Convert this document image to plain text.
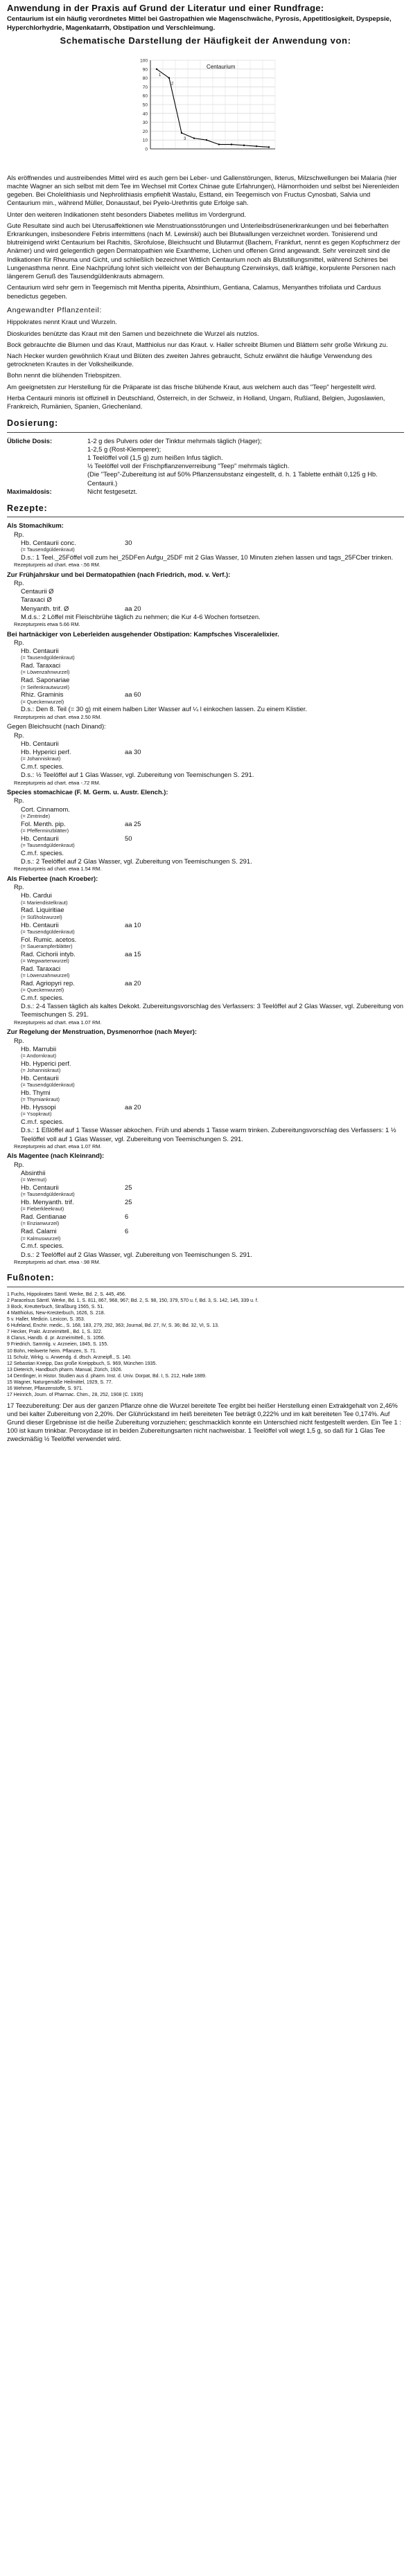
Anwendung in der Praxis auf Grund der Literatur und einer Rundfrage:
Centaurium ist ein häufig verordnetes Mittel bei Gastropathien wie Magenschwäche, Pyrosis, Appetitlosigkeit, Dyspepsie, Hyperchlorhydrie, Magenkatarrh, Obstipation und Verschleimung.
Schematische Darstellung der Häufigkeit der Anwendung von:
0
10
20
30
40
50
60
70
80
90
100
Centaurium
1
2
3

Als eröffnendes und austreibendes Mittel wird es auch gern bei Leber- und Gallenstörungen, Ikterus, Milzschwellungen bei Malaria (hier machte Wagner an sich selbst mit dem Tee im Wechsel mit Cortex Chinae gute Erfahrungen), Hämorrhoiden und selbst bei Nierenleiden gegeben. Bei Cholelithiasis und Nephrolithiasis empfiehlt Wastalu, Esttand, ein Teegemisch von Fructus Cynosbati, Salvia und Centaurium min., während Müller, Donaustauf, bei Pyelo-Urethritis gute Erfolge sah.

Unter den weiteren Indikationen steht besonders Diabetes mellitus im Vordergrund.

Gute Resultate sind auch bei Uterusaffektionen wie Menstruationsstörungen und Unterleibsdrüsenerkrankungen und bei fieberhaften Erkrankungen, insbesondere Febris intermittens (nach M. Lewinski) auch bei Blutwallungen verzeichnet worden. Tonisierend und blutreinigend wirkt Centaurium bei Rachitis, Skrofulose, Bleichsucht und Blutarmut (Bachem, Frankfurt, nennt es gegen Kopfschmerz der Anämer) und wird gelegentlich gegen Dermatopathien wie Exantheme, Lichen und offenen Grind angewandt. Sehr vereinzelt sind die Indikationen für Rheuma und Gicht, und schließlich bezeichnet Wittlich Centaurium noch als Blutstillungsmittel, während Schirres bei Lungenasthma nennt. Eine Nachprüfung lohnt sich vielleicht von der Behauptung Czerwinskys, daß kräftige, korpulente Personen nach längerem Genuß des Tausendgüldenkrauts abmagern.

Centaurium wird sehr gern in Teegemisch mit Mentha piperita, Absinthium, Gentiana, Calamus, Menyanthes trifoliata und Carduus benedictus gegeben.

Angewandter Pflanzenteil:

Hippokrates nennt Kraut und Wurzeln.

Dioskurides benützte das Kraut mit den Samen und bezeichnete die Wurzel als nutzlos.

Bock gebrauchte die Blumen und das Kraut, Matthiolus nur das Kraut. v. Haller schreibt Blumen und Blättern sehr große Wirkung zu.

Nach Hecker wurden gewöhnlich Kraut und Blüten des zweiten Jahres gebraucht, Schulz erwähnt die häufige Verwendung des getrockneten Krautes in der Volksheilkunde.

Bohn nennt die blühenden Triebspitzen.

Am geeignetsten zur Herstellung für die Präparate ist das frische blühende Kraut, aus welchem auch das "Teep" hergestellt wird.

Herba Centaurii minoris ist offizinell in Deutschland, Österreich, in der Schweiz, in Holland, Ungarn, Rußland, Belgien, Jugoslawien, Frankreich, Rumänien, Spanien, Griechenland.

Dosierung:
Übliche Dosis:	1-2 g des Pulvers oder der Tinktur mehrmals täglich (Hager);
1-2,5 g (Rost-Klemperer);
1 Teelöffel voll (1,5 g) zum heißen Infus täglich.
½ Teelöffel voll der Frischpflanzenverreibung "Teep" mehrmals täglich.
(Die "Teep"-Zubereitung ist auf 50% Pflanzensubstanz eingestellt, d. h. 1 Tablette enthält 0,125 g Hb. Centaurii.)
Maximaldosis:	Nicht festgesetzt.
Rezepte:
Als Stomachikum:
Rp.
Hb. Centaurii conc.	30
(= Tausendgüldenkraut)
D.s.: 1 Teel._25Föffel voll zum hei_25DFen Aufgu_25DF mit 2 Glas Wasser, 10 Minuten ziehen lassen und tags_25FCber trinken.
Rezepturpreis ad chart. etwa -.56 RM.
Zur Frühjahrskur und bei Dermatopathien (nach Friedrich, mod. v. Verf.):
Rp.
Centaurii Ø
Taraxaci Ø
Menyanth. trif. Ø	aa 20
M.d.s.: 2 Löffel mit Fleischbrühe täglich zu nehmen; die Kur 4-6 Wochen fortsetzen.
Rezepturpreis etwa 5.66 RM.
Bei hartnäckiger von Leberleiden ausgehender Obstipation: Kampfsches Visceralelixier.
Rp.
Hb. Centaurii
(= Tausendgüldenkraut)
Rad. Taraxaci
(= Löwenzahnwurzel)
Rad. Saponariae
(= Seifenkrautwurzel)
Rhiz. Graminis	aa 60
(= Queckenwurzel)
D.s.: Den 8. Teil (= 30 g) mit einem halben Liter Wasser auf ¼ l einkochen lassen. Zu einem Klistier.
Rezepturpreis ad chart. etwa 2.50 RM.
Gegen Bleichsucht (nach Dinand):
Rp.
Hb. Centaurii
Hb. Hyperici perf.	aa 30
(= Johanniskraut)
C.m.f. species.
D.s.: ½ Teelöffel auf 1 Glas Wasser, vgl. Zubereitung von Teemischungen S. 291.
Rezepturpreis ad chart. etwa -.72 RM.
Species stomachicae (F. M. Germ. u. Austr. Elench.):
Rp.
Cort. Cinnamom.
(= Zimtrinde)
Fol. Menth. pip.	aa 25
(= Pfefferminzblätter)
Hb. Centaurii	50
(= Tausendgüldenkraut)
C.m.f. species.
D.s.: 2 Teelöffel auf 2 Glas Wasser, vgl. Zubereitung von Teemischungen S. 291.
Rezepturpreis ad chart. etwa 1.54 RM.
Als Fiebertee (nach Kroeber):
Rp.
Hb. Cardui
(= Mariendistelkraut)
Rad. Liquiritiae
(= Süßholzwurzel)
Hb. Centaurii	aa 10
(= Tausendgüldenkraut)
Fol. Rumic. acetos.
(= Sauerampferblätter)
Rad. Cichorii intyb.	aa 15
(= Wegwartenwurzel)
Rad. Taraxaci
(= Löwenzahnwurzel)
Rad. Agriopyri rep.	aa 20
(= Queckenwurzel)
C.m.f. species.
D.s.: 2-4 Tassen täglich als kaltes Dekokt. Zubereitungsvorschlag des Verfassers: 3 Teelöffel auf 2 Glas Wasser, vgl. Zubereitung von Teemischungen S. 291.
Rezepturpreis ad chart. etwa 1.07 RM.
Zur Regelung der Menstruation, Dysmenorrhoe (nach Meyer):
Rp.
Hb. Marrubii
(= Andornkraut)
Hb. Hyperici perf.
(= Johanniskraut)
Hb. Centaurii
(= Tausendgüldenkraut)
Hb. Thymi
(= Thymiankraut)
Hb. Hyssopi	aa 20
(= Ysopkraut)
C.m.f. species.
D.s.: 1 Eßlöffel auf 1 Tasse Wasser abkochen. Früh und abends 1 Tasse warm trinken. Zubereitungsvorschlag des Verfassers: 1 ½ Teelöffel voll auf 1 Glas Wasser, vgl. Zubereitung von Teemischungen S. 291.
Rezepturpreis ad chart. etwa 1.07 RM.
Als Magentee (nach Kleinrand):
Rp.
Absinthii
(= Wermut)
Hb. Centaurii	25
(= Tausendgüldenkraut)
Hb. Menyanth. trif.	25
(= Fieberkleekraut)
Rad. Gentianae	6
(= Enzianwurzel)
Rad. Calami	6
(= Kalmuswurzel)
C.m.f. species.
D.s.: 2 Teelöffel auf 2 Glas Wasser, vgl. Zubereitung von Teemischungen S. 291.
Rezepturpreis ad chart. etwa -.98 RM.
Fußnoten:
1 Fuchs, Hippokrates Sämtl. Werke, Bd. 2, S. 445, 456.
2 Paracelsus Sämtl. Werke, Bd. 1, S. 811, 867, 968, 967; Bd. 2, S. 98, 150, 379, 570 u. f, Bd. 3, S. 142, 145, 339 u. f.
3 Bock, Kreutterbuch, Straßburg 1565, S. 51.
4 Matthiolus, New-Kreüterbuch, 1626, S. 218.
5 v. Haller, Medicin. Lexicon, S. 353.
6 Hufeland, Enchir. medic., S. 168, 183, 279, 292, 363; Journal, Bd. 27, IV, S. 36; Bd. 32, VI, S. 13.
7 Hecker, Prakt. Arzneimittell., Bd. 1, S. 322.
8 Clarus, Handb. d. pr. Arzneimittell., S. 1056.
9 Friedrich, Sammlg. v. Arzneien, 1845, S. 155.
10 Bohn, Heilwerte heim. Pflanzen, S. 71.
11 Schulz, Wirkg. u. Anwendg. d. dtsch. Arzneipfl., S. 140.
12 Sebastian Kneipp, Das große Kneippbuch, S. 969, München 1935.
13 Dieterich, Handbuch pharm. Manual, Zürich, 1926.
14 Dentlinger, in Histor. Studien aus d. pharm. Inst. d. Univ. Dorpat, Bd. I, S. 212, Halle 1889.
15 Wagner, Naturgemäße Heilmittel, 1929, S. 77.
16 Wehmer, Pflanzenstoffe, S. 971.
17 Heinrich, Journ. of Pharmac. Chim., 28, 252, 1908 (C. 1935)

17 Teezubereitung: Der aus der ganzen Pflanze ohne die Wurzel bereitete Tee ergibt bei heißer Herstellung einen Extraktgehalt von 2,46% und bei kalter Zubereitung von 2,20%. Der Glührückstand im heiß bereiteten Tee beträgt 0,222% und im kalt bereiteten Tee 0,174%. Auf Grund dieser Ergebnisse ist die heiße Zubereitung vorzuziehen; geschmacklich konnte ein Unterschied nicht festgestellt werden. Ein Tee 1 : 100 ist kaum trinkbar. Peroxydase ist in beiden Zubereitungsarten nicht nachweisbar. 1 Teelöffel voll wiegt 1,5 g, so daß für 1 Glas Tee zweckmäßig ½ Teelöffel verwendet wird.
